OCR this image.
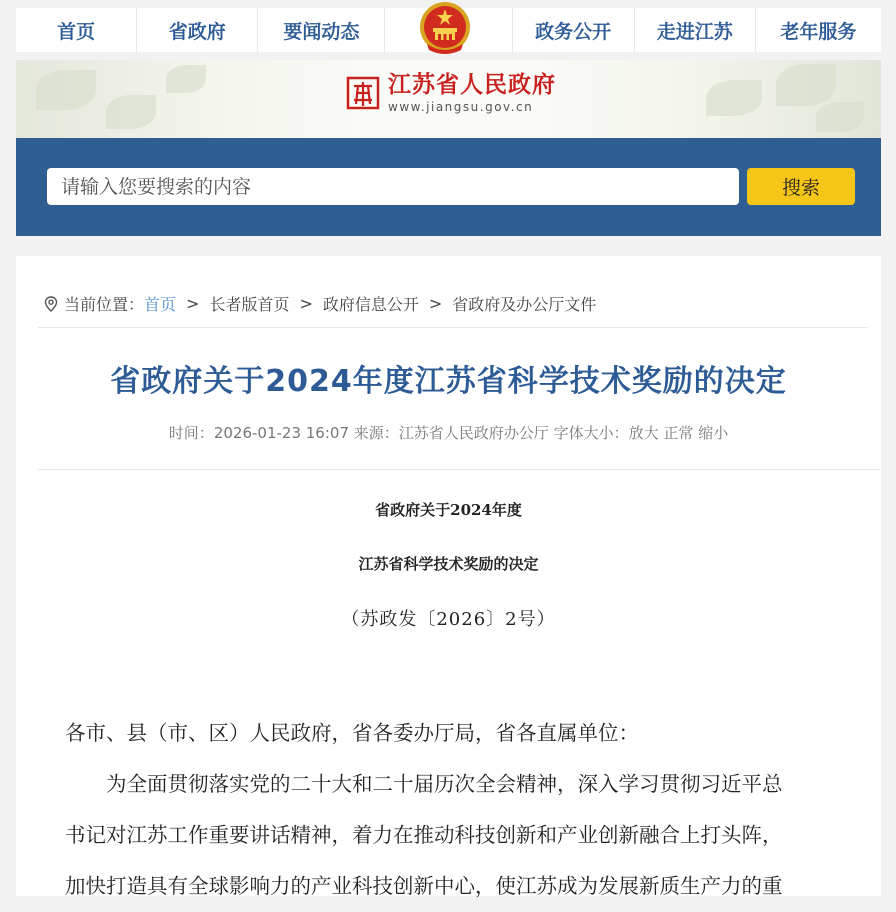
首页	省政府	要闻动态	政务公开	走进江苏	老年服务
江苏省人民政府
www.jiangsu.gov.cn
请输入您要搜索的内容
搜索
当前位置： 首页 > 长者版首页 > 政府信息公开 > 省政府及办公厅文件
省政府关于2024年度江苏省科学技术奖励的决定
时间：2026-01-23 16:07 来源：江苏省人民政府办公厅 字体大小：放大 正常 缩小
省政府关于2024年度
江苏省科学技术奖励的决定
（苏政发〔2026〕2号）

各市、县（市、区）人民政府，省各委办厅局，省各直属单位：

为全面贯彻落实党的二十大和二十届历次全会精神，深入学习贯彻习近平总

书记对江苏工作重要讲话精神，着力在推动科技创新和产业创新融合上打头阵，

加快打造具有全球影响力的产业科技创新中心，使江苏成为发展新质生产力的重
